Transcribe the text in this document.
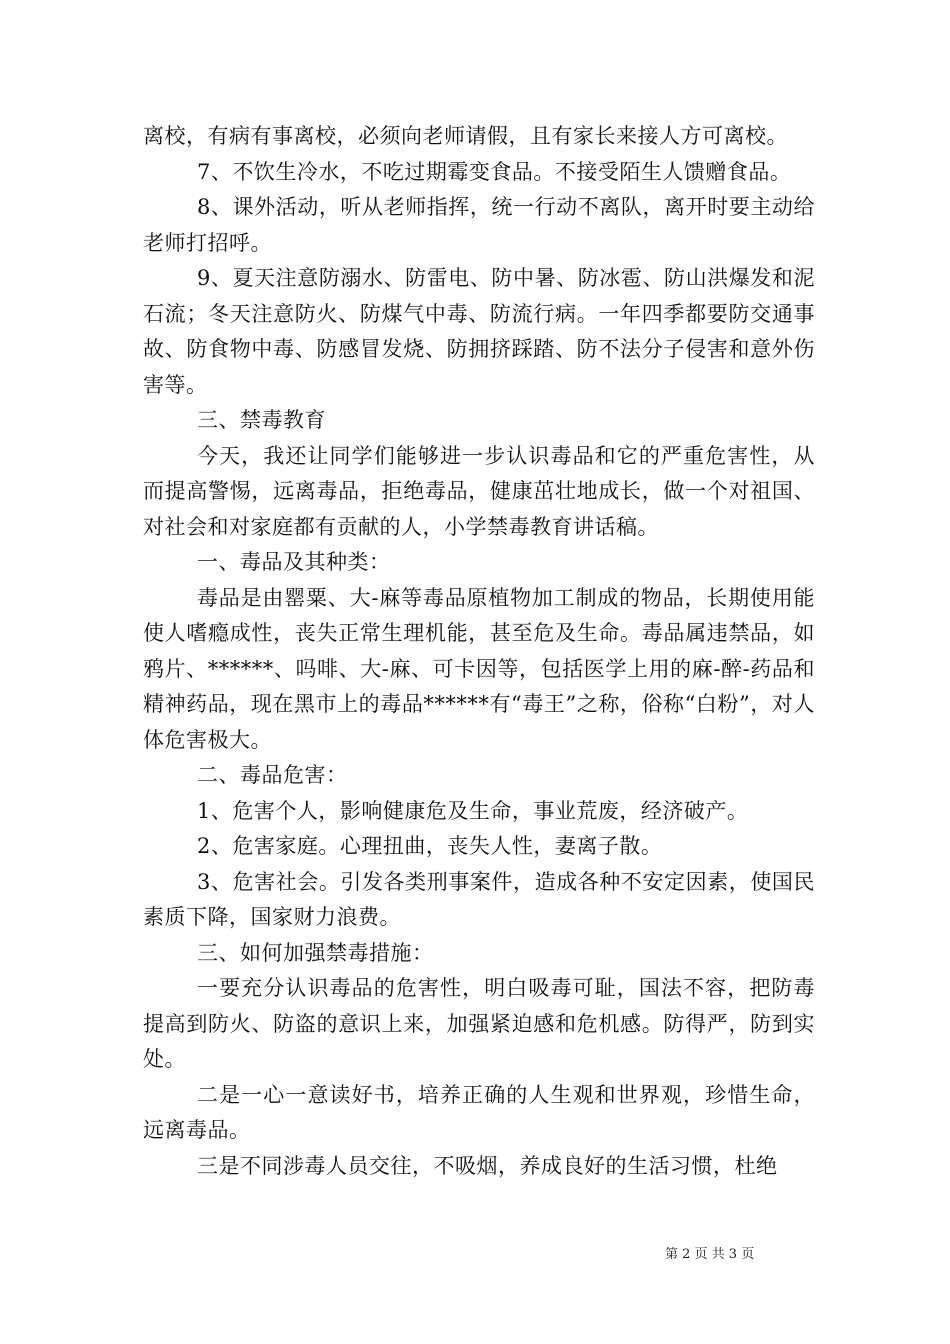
离校，有病有事离校，必须向老师请假，且有家长来接人方可离校。

7、不饮生冷水，不吃过期霉变食品。不接受陌生人馈赠食品。

8、课外活动，听从老师指挥，统一行动不离队，离开时要主动给老师打招呼。

9、夏天注意防溺水、防雷电、防中暑、防冰雹、防山洪爆发和泥石流；冬天注意防火、防煤气中毒、防流行病。一年四季都要防交通事故、防食物中毒、防感冒发烧、防拥挤踩踏、防不法分子侵害和意外伤害等。

三、禁毒教育

今天，我还让同学们能够进一步认识毒品和它的严重危害性，从而提高警惕，远离毒品，拒绝毒品，健康茁壮地成长，做一个对祖国、对社会和对家庭都有贡献的人，小学禁毒教育讲话稿。

一、毒品及其种类：

毒品是由罂粟、大-麻等毒品原植物加工制成的物品，长期使用能使人嗜瘾成性，丧失正常生理机能，甚至危及生命。毒品属违禁品，如鸦片、******、吗啡、大-麻、可卡因等，包括医学上用的麻-醉-药品和精神药品，现在黑市上的毒品******有“毒王”之称，俗称“白粉”，对人体危害极大。

二、毒品危害：

1、危害个人，影响健康危及生命，事业荒废，经济破产。

2、危害家庭。心理扭曲，丧失人性，妻离子散。

3、危害社会。引发各类刑事案件，造成各种不安定因素，使国民素质下降，国家财力浪费。

三、如何加强禁毒措施：

一要充分认识毒品的危害性，明白吸毒可耻，国法不容，把防毒提高到防火、防盗的意识上来，加强紧迫感和危机感。防得严，防到实处。

二是一心一意读好书，培养正确的人生观和世界观，珍惜生命，远离毒品。

三是不同涉毒人员交往，不吸烟，养成良好的生活习惯，杜绝

第 2 页 共 3 页
